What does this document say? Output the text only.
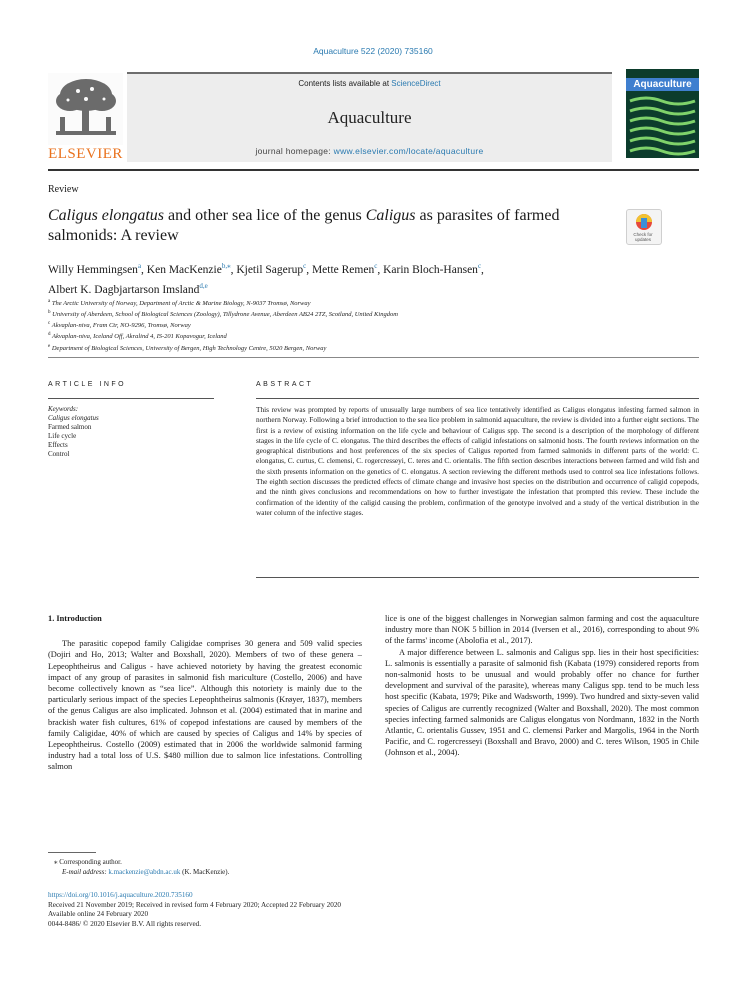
Aquaculture 522 (2020) 735160
ELSEVIER
Contents lists available at ScienceDirect
Aquaculture
journal homepage: www.elsevier.com/locate/aquaculture
Aquaculture
Review
Caligus elongatus and other sea lice of the genus Caligus as parasites of farmed salmonids: A review	Check for updates
Willy Hemmingsen$^a$, Ken MacKenzie$^{b,⁎}$, Kjetil Sagerup$^c$, Mette Remen$^c$, Karin Bloch-Hansen$^c$,
Albert K. Dagbjartarson Imsland$^{d,e}$
$^a$ The Arctic University of Norway, Department of Arctic & Marine Biology, N-9037 Tromsø, Norway
$^b$ University of Aberdeen, School of Biological Sciences (Zoology), Tillydrone Avenue, Aberdeen AB24 2TZ, Scotland, United Kingdom
$^c$ Akvaplan-niva, Fram Ctr, NO-9296, Tromsø, Norway
$^d$ Akvaplan-niva, Iceland Off, Akralind 4, IS-201 Kopavogur, Iceland
$^e$ Department of Biological Sciences, University of Bergen, High Technology Centre, 5020 Bergen, Norway
ARTICLE INFO	ABSTRACT
Keywords:
Caligus elongatus
Farmed salmon
Life cycle
Effects
Control
This review was prompted by reports of unusually large numbers of sea lice tentatively identified as Caligus elongatus infesting farmed salmon in northern Norway. Following a brief introduction to the sea lice problem in salmonid aquaculture, the review is divided into a further eight sections. The first is a review of existing information on the life cycle and behaviour of Caligus spp. The second is a description of the morphology of different stages in the life cycle of C. elongatus. The third describes the effects of caligid infestations on salmonid hosts. The fourth reviews information on the geographical distributions and host preferences of the six species of Caligus reported from farmed salmonids in different parts of the world: C. elongatus, C. curtus, C. clemensi, C. rogercresseyi, C. teres and C. orientalis. The fifth section describes interactions between farmed and wild fish and the sixth presents information on the genetics of C. elongatus. A section reviewing the different methods used to control sea lice infestations follows. The eighth section discusses the predicted effects of climate change and invasive host species on the distribution and occurrence of caligid copepods, and the ninth gives conclusions and recommendations on how to further investigate the infestation that prompted this review. These include the confirmation of the identity of the caligid causing the problem, confirmation of the genotype involved and a study of the vertical distribution in the water column of the infective stages.

1. Introduction

The parasitic copepod family Caligidae comprises 30 genera and 509 valid species (Dojiri and Ho, 2013; Walter and Boxshall, 2020). Members of two of these genera – Lepeophtheirus and Caligus - have achieved notoriety by having the greatest economic impact of any group of parasites in salmonid fish mariculture (Costello, 2006) and have become collectively known as “sea lice”. Although this notoriety is mainly due to the particularly serious impact of the species Lepeophtheirus salmonis (Krøyer, 1837), members of the genus Caligus are also implicated. Johnson et al. (2004) estimated that in marine and brackish water fish cultures, 61% of copepod infestations are caused by members of the family Caligidae, 40% of which are caused by species of Caligus and 14% by species of Lepeophtheirus. Costello (2009) estimated that in 2006 the worldwide salmonid farming industry had a total loss of U.S. $480 million due to salmon lice infestations. Controlling salmon

lice is one of the biggest challenges in Norwegian salmon farming and cost the aquaculture industry more than NOK 5 billion in 2014 (Iversen et al., 2016), corresponding to about 9% of the farms' income (Abolofia et al., 2017).

A major difference between L. salmonis and Caligus spp. lies in their host specificities: L. salmonis is essentially a parasite of salmonid fish (Kabata (1979) considered reports from non-salmonid hosts to be unusual and would probably offer no chance for further development and survival of the parasite), whereas many Caligus spp. tend to be much less host specific (Kabata, 1979; Pike and Wadsworth, 1999). Two hundred and sixty-seven valid species of Caligus are currently recognized (Walter and Boxshall, 2020). The most common species infecting farmed salmonids are Caligus elongatus von Nordmann, 1832 in the North Atlantic, C. orientalis Gussev, 1951 and C. clemensi Parker and Margolis, 1964 in the North Pacific, and C. rogercresseyi (Boxshall and Bravo, 2000) and C. teres Wilson, 1905 in Chile (Johnson et al., 2004).

⁎ Corresponding author.
E-mail address: k.mackenzie@abdn.ac.uk (K. MacKenzie).
https://doi.org/10.1016/j.aquaculture.2020.735160
Received 21 November 2019; Received in revised form 4 February 2020; Accepted 22 February 2020
Available online 24 February 2020
0044-8486/ © 2020 Elsevier B.V. All rights reserved.
